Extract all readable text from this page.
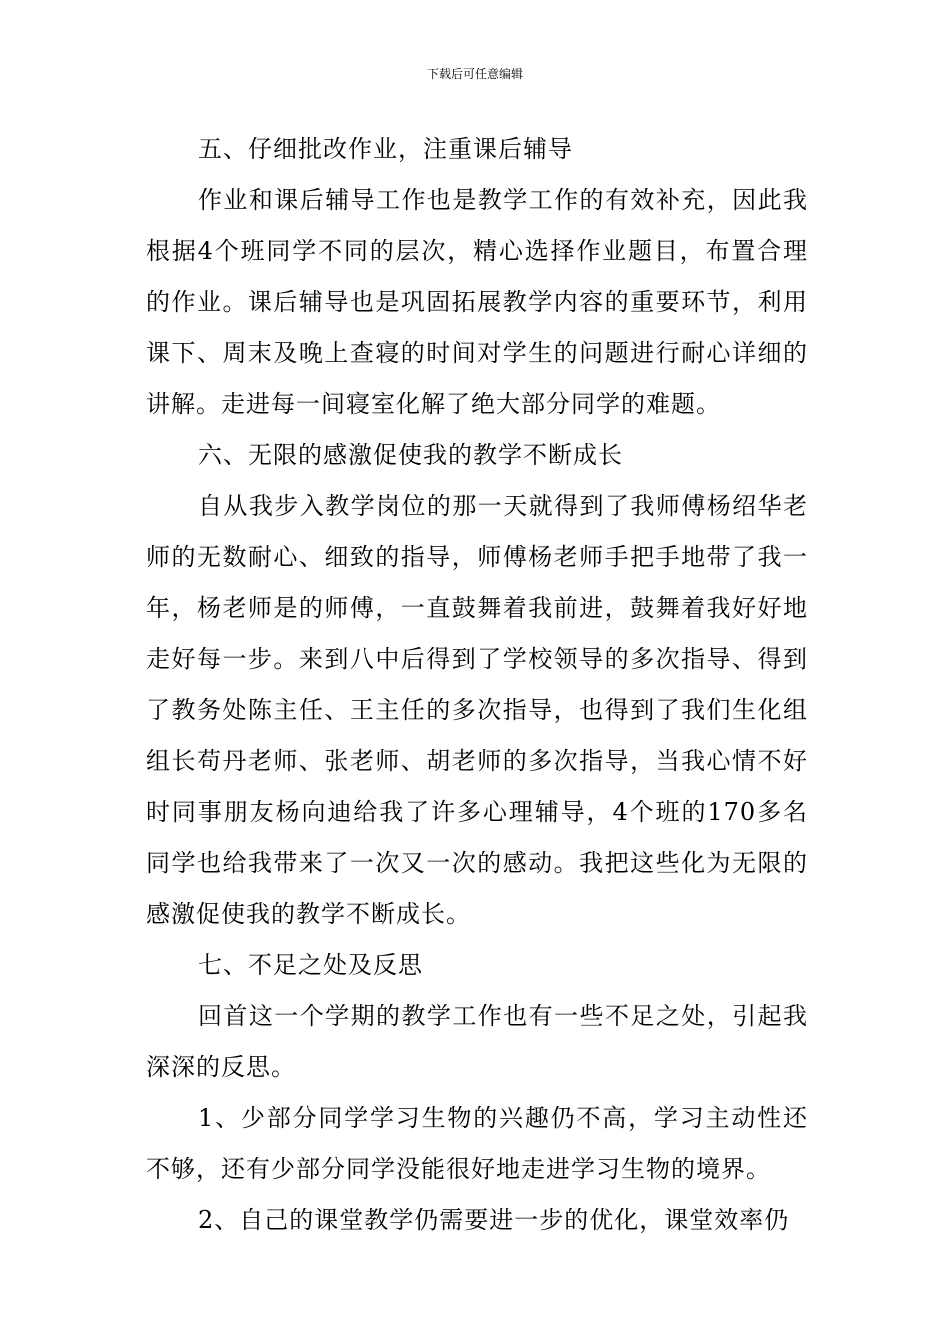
下载后可任意编辑

五、仔细批改作业，注重课后辅导

作业和课后辅导工作也是教学工作的有效补充，因此我根据4个班同学不同的层次，精心选择作业题目，布置合理的作业。课后辅导也是巩固拓展教学内容的重要环节，利用课下、周末及晚上查寝的时间对学生的问题进行耐心详细的讲解。走进每一间寝室化解了绝大部分同学的难题。

六、无限的感激促使我的教学不断成长

自从我步入教学岗位的那一天就得到了我师傅杨绍华老师的无数耐心、细致的指导，师傅杨老师手把手地带了我一年，杨老师是的师傅，一直鼓舞着我前进，鼓舞着我好好地走好每一步。来到八中后得到了学校领导的多次指导、得到了教务处陈主任、王主任的多次指导，也得到了我们生化组组长苟丹老师、张老师、胡老师的多次指导，当我心情不好时同事朋友杨向迪给我了许多心理辅导，4个班的170多名同学也给我带来了一次又一次的感动。我把这些化为无限的感激促使我的教学不断成长。

七、不足之处及反思

回首这一个学期的教学工作也有一些不足之处，引起我深深的反思。

1、少部分同学学习生物的兴趣仍不高，学习主动性还不够，还有少部分同学没能很好地走进学习生物的境界。

2、自己的课堂教学仍需要进一步的优化，课堂效率仍
